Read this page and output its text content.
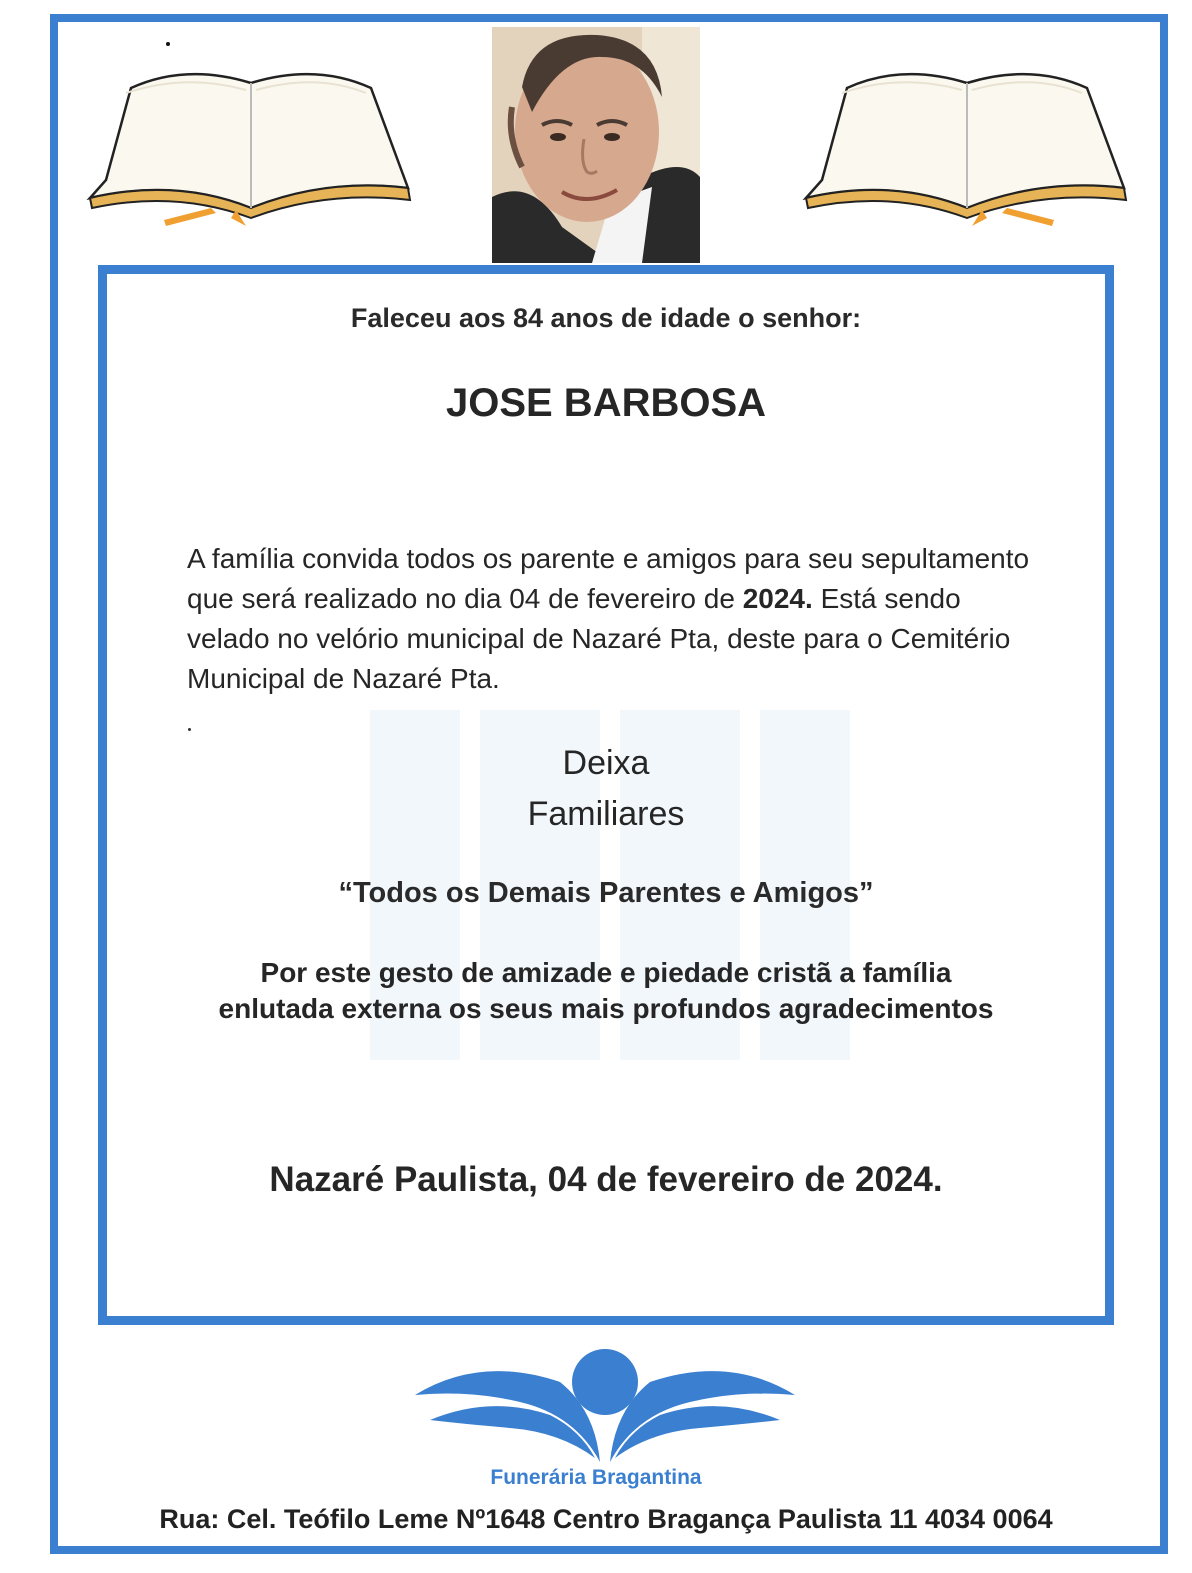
Faleceu aos 84 anos de idade o senhor:

JOSE BARBOSA

A família convida todos os parente e amigos para seu sepultamento que será realizado no dia 04 de fevereiro de 2024. Está sendo velado no velório municipal de Nazaré Pta, deste para o Cemitério Municipal de Nazaré Pta.

Deixa

Familiares

“Todos os Demais Parentes e Amigos”

Por este gesto de amizade e piedade cristã a família
enlutada externa os seus mais profundos agradecimentos

Nazaré Paulista, 04 de fevereiro de 2024.

Funerária Bragantina

Rua: Cel. Teófilo Leme Nº1648 Centro Bragança Paulista 11 4034 0064
